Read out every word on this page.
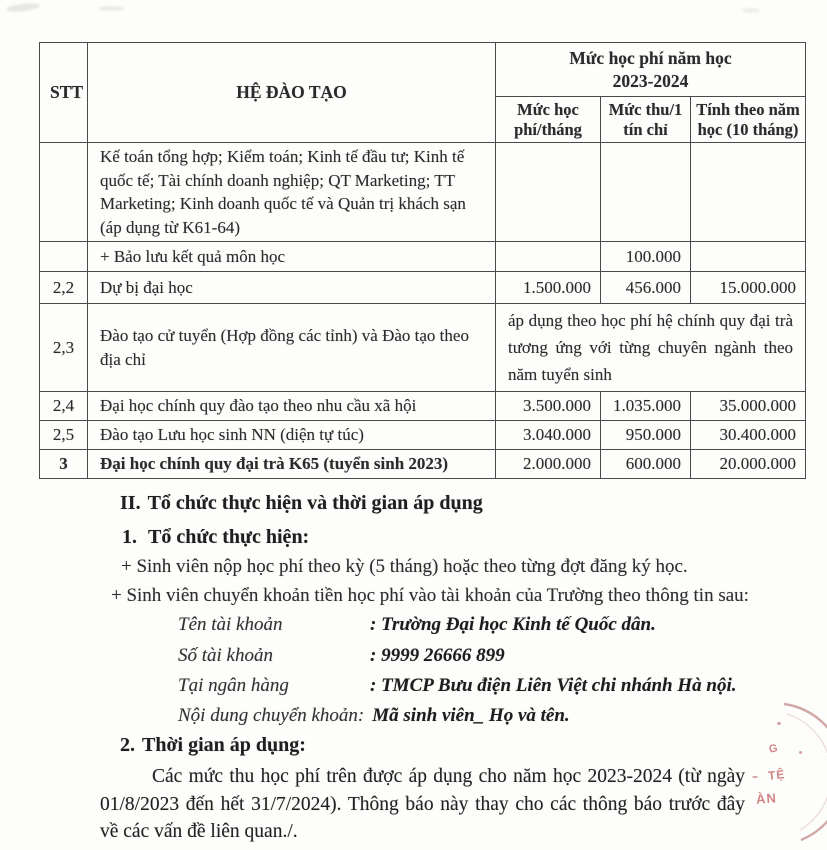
STT	HỆ ĐÀO TẠO	Mức học phí năm học
2023-2024		

		Mức học phí/tháng	Mức thu/1 tín chỉ	Tính theo năm học (10 tháng)
	Kế toán tổng hợp; Kiểm toán; Kinh tế đầu tư; Kinh tế quốc tế; Tài chính doanh nghiệp; QT Marketing; TT Marketing; Kinh doanh quốc tế và Quản trị khách sạn (áp dụng từ K61-64)			
	+ Bảo lưu kết quả môn học		100.000	
2,2	Dự bị đại học	1.500.000	456.000	15.000.000
2,3	Đào tạo cử tuyển (Hợp đồng các tỉnh) và Đào tạo theo địa chỉ	áp dụng theo học phí hệ chính quy đại trà tương ứng với từng chuyên ngành theo năm tuyển sinh		
2,4	Đại học chính quy đào tạo theo nhu cầu xã hội	3.500.000	1.035.000	35.000.000
2,5	Đào tạo Lưu học sinh NN (diện tự túc)	3.040.000	950.000	30.400.000
3	Đại học chính quy đại trà K65 (tuyển sinh 2023)	2.000.000	600.000	20.000.000
II. Tổ chức thực hiện và thời gian áp dụng
1. Tổ chức thực hiện:
+ Sinh viên nộp học phí theo kỳ (5 tháng) hoặc theo từng đợt đăng ký học.
+ Sinh viên chuyển khoản tiền học phí vào tài khoản của Trường theo thông tin sau:
Tên tài khoản	: Trường Đại học Kinh tế Quốc dân.
Số tài khoản	: 9999 26666 899
Tại ngân hàng	: TMCP Bưu điện Liên Việt chi nhánh Hà nội.
Nội dung chuyển khoản: Mã sinh viên_ Họ và tên.
2. Thời gian áp dụng:
Các mức thu học phí trên được áp dụng cho năm học 2023-2024 (từ ngày
01/8/2023 đến hết 31/7/2024). Thông báo này thay cho các thông báo trước đây
về các vấn đề liên quan./.
G
TỆ
ÀN
